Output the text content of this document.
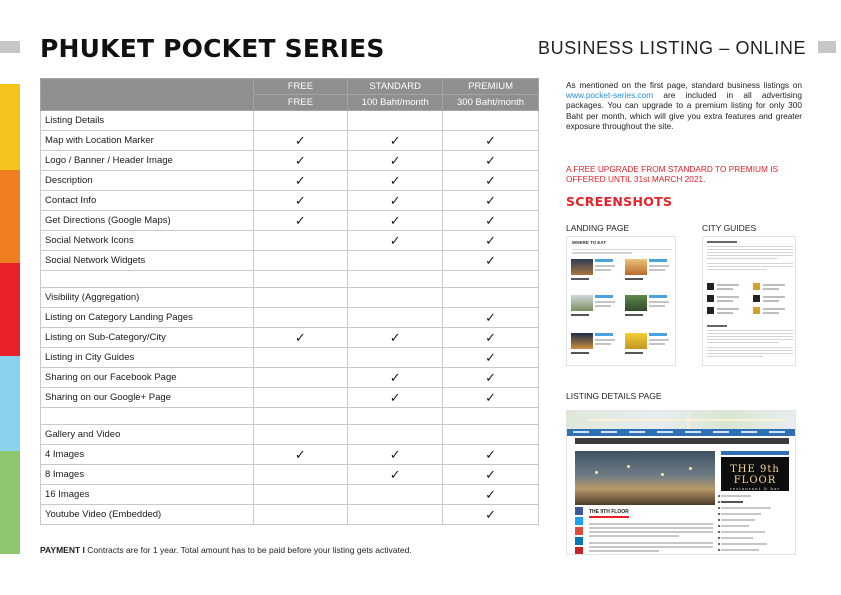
PHUKET POCKET SERIES	BUSINESS LISTING – ONLINE
	FREE	STANDARD	PREMIUM
	FREE	100 Baht/month	300 Baht/month
Listing Details			
Map with Location Marker	✓	✓	✓
Logo / Banner / Header Image	✓	✓	✓
Description	✓	✓	✓
Contact Info	✓	✓	✓
Get Directions (Google Maps)	✓	✓	✓
Social Network Icons		✓	✓
Social Network Widgets			✓

Visibility (Aggregation)			
Listing on Category Landing Pages			✓
Listing on Sub-Category/City	✓	✓	✓
Listing in City Guides			✓
Sharing on our Facebook Page		✓	✓
Sharing on our Google+ Page		✓	✓

Gallery and Video			
4 Images	✓	✓	✓
8 Images		✓	✓
16 Images			✓
Youtube Video (Embedded)			✓
PAYMENT I Contracts are for 1 year. Total amount has to be paid before your listing gets activated.
As mentioned on the first page, standard business listings on www.pocket-series.com are included in all advertising packages. You can upgrade to a premium listing for only 300 Baht per month, which will give you extra features and greater exposure throughout the site.
A FREE UPGRADE FROM STANDARD TO PREMIUM IS OFFERED UNTIL 31st MARCH 2021.
SCREENSHOTS
LANDING PAGE	CITY GUIDES
WHERE TO EAT
LISTING DETAILS PAGE
THE 9th FLOOR
restaurant & bar
THE 9TH FLOOR
